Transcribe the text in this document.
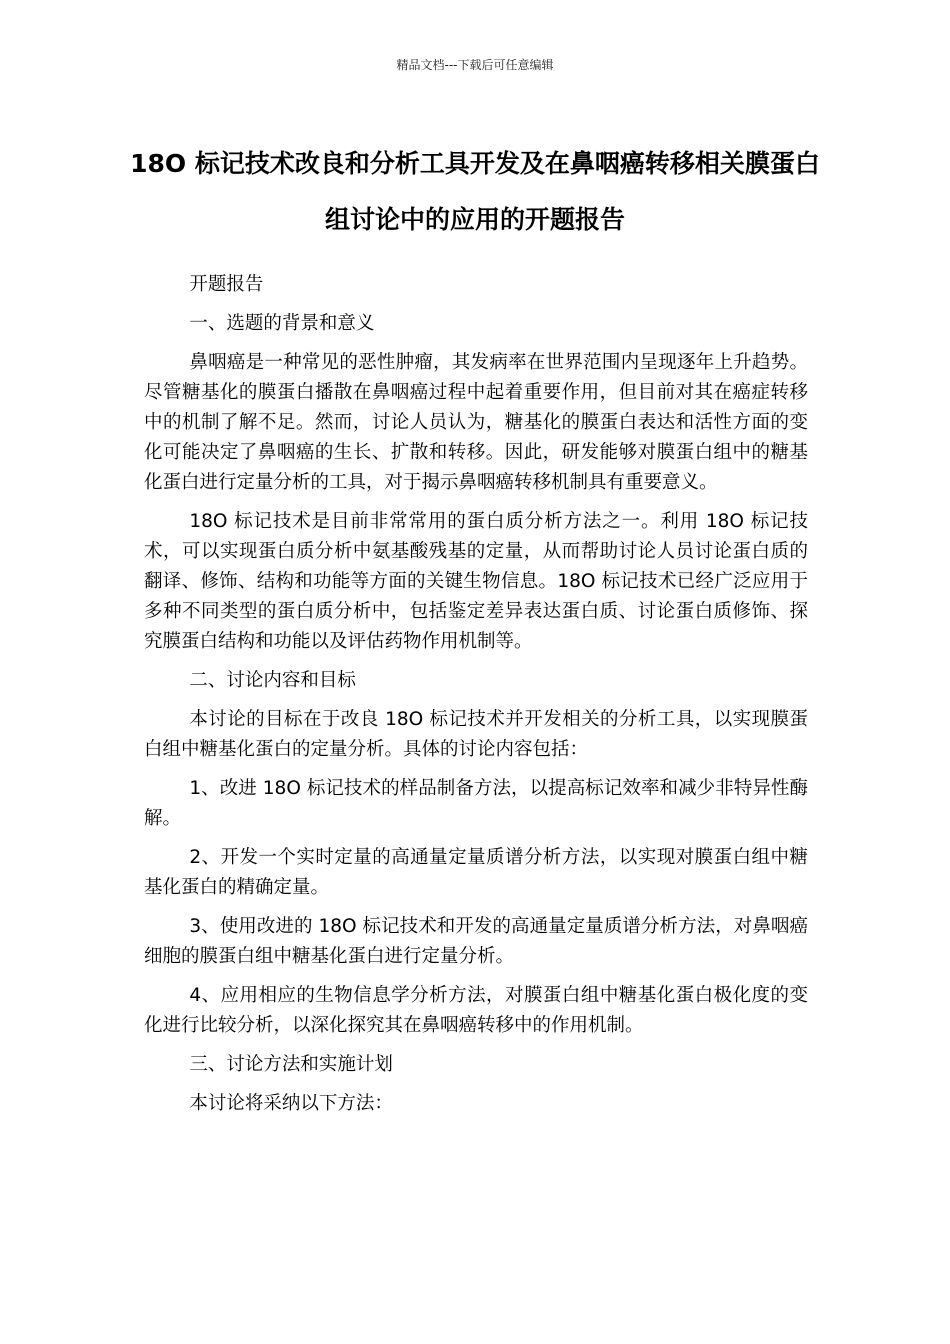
精品文档---下载后可任意编辑
18O 标记技术改良和分析工具开发及在鼻咽癌转移相关膜蛋白组讨论中的应用的开题报告

开题报告

一、选题的背景和意义

鼻咽癌是一种常见的恶性肿瘤，其发病率在世界范围内呈现逐年上升趋势。尽管糖基化的膜蛋白播散在鼻咽癌过程中起着重要作用，但目前对其在癌症转移中的机制了解不足。然而，讨论人员认为，糖基化的膜蛋白表达和活性方面的变化可能决定了鼻咽癌的生长、扩散和转移。因此，研发能够对膜蛋白组中的糖基化蛋白进行定量分析的工具，对于揭示鼻咽癌转移机制具有重要意义。

18O 标记技术是目前非常常用的蛋白质分析方法之一。利用 18O 标记技术，可以实现蛋白质分析中氨基酸残基的定量，从而帮助讨论人员讨论蛋白质的翻译、修饰、结构和功能等方面的关键生物信息。18O 标记技术已经广泛应用于多种不同类型的蛋白质分析中，包括鉴定差异表达蛋白质、讨论蛋白质修饰、探究膜蛋白结构和功能以及评估药物作用机制等。

二、讨论内容和目标

本讨论的目标在于改良 18O 标记技术并开发相关的分析工具，以实现膜蛋白组中糖基化蛋白的定量分析。具体的讨论内容包括：

1、改进 18O 标记技术的样品制备方法，以提高标记效率和减少非特异性酶解。

2、开发一个实时定量的高通量定量质谱分析方法，以实现对膜蛋白组中糖基化蛋白的精确定量。

3、使用改进的 18O 标记技术和开发的高通量定量质谱分析方法，对鼻咽癌细胞的膜蛋白组中糖基化蛋白进行定量分析。

4、应用相应的生物信息学分析方法，对膜蛋白组中糖基化蛋白极化度的变化进行比较分析，以深化探究其在鼻咽癌转移中的作用机制。

三、讨论方法和实施计划

本讨论将采纳以下方法：
